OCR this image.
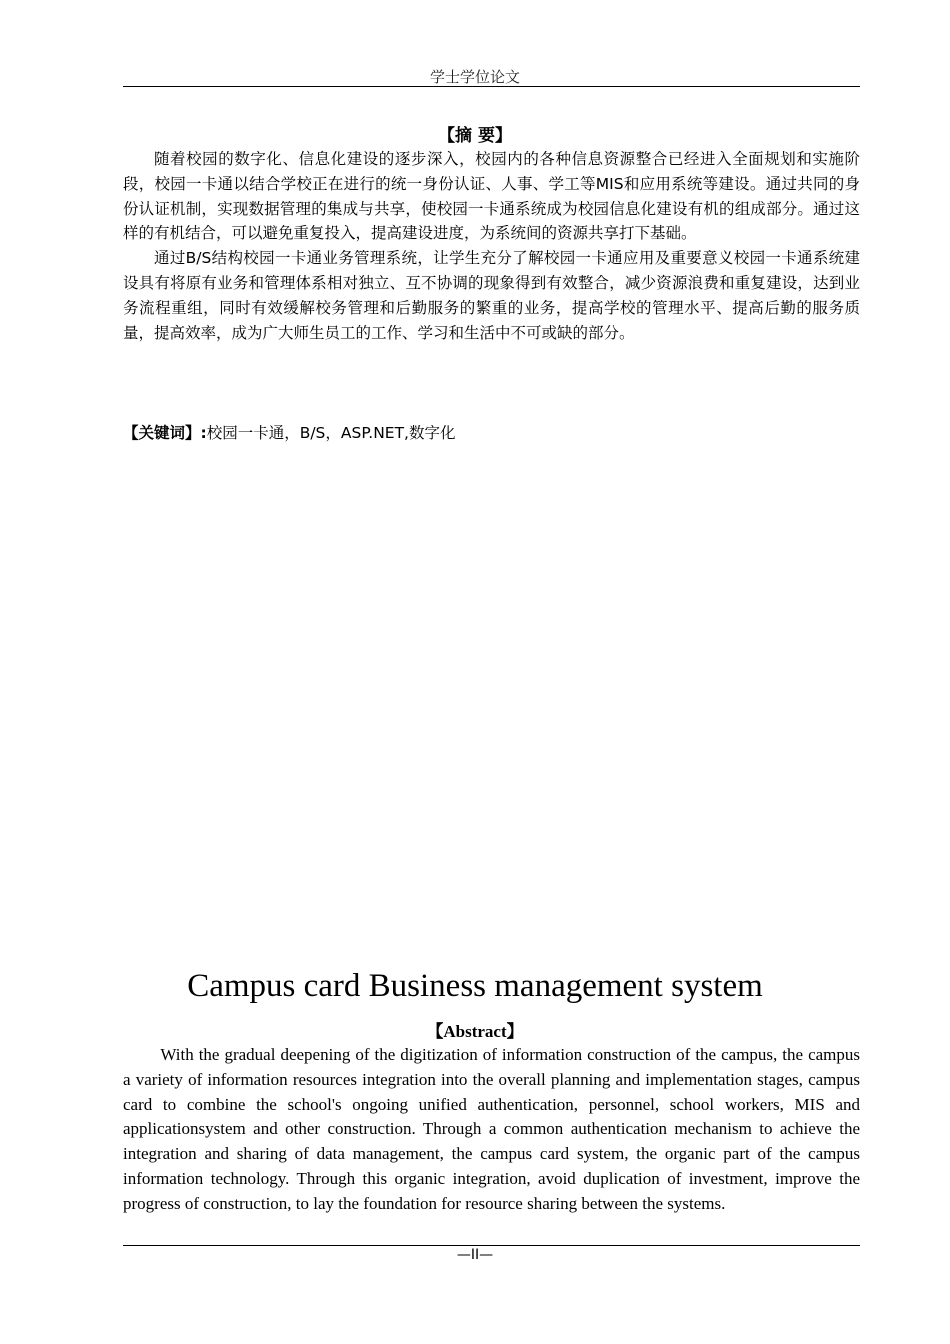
学士学位论文
【摘 要】

随着校园的数字化、信息化建设的逐步深入，校园内的各种信息资源整合已经进入全面规划和实施阶段，校园一卡通以结合学校正在进行的统一身份认证、人事、学工等MIS和应用系统等建设。通过共同的身份认证机制，实现数据管理的集成与共享，使校园一卡通系统成为校园信息化建设有机的组成部分。通过这样的有机结合，可以避免重复投入，提高建设进度，为系统间的资源共享打下基础。

通过B/S结构校园一卡通业务管理系统，让学生充分了解校园一卡通应用及重要意义校园一卡通系统建设具有将原有业务和管理体系相对独立、互不协调的现象得到有效整合，减少资源浪费和重复建设，达到业务流程重组，同时有效缓解校务管理和后勤服务的繁重的业务，提高学校的管理水平、提高后勤的服务质量，提高效率，成为广大师生员工的工作、学习和生活中不可或缺的部分。

【关键词】:校园一卡通，B/S，ASP.NET,数字化
Campus card Business management system
【Abstract】

With the gradual deepening of the digitization of information construction of the campus, the campus a variety of information resources integration into the overall planning and implementation stages, campus card to combine the school's ongoing unified authentication, personnel, school workers, MIS and applicationsystem and other construction. Through a common authentication mechanism to achieve the integration and sharing of data management, the campus card system, the organic part of the campus information technology. Through this organic integration, avoid duplication of investment, improve the progress of construction, to lay the foundation for resource sharing between the systems.

—II—
